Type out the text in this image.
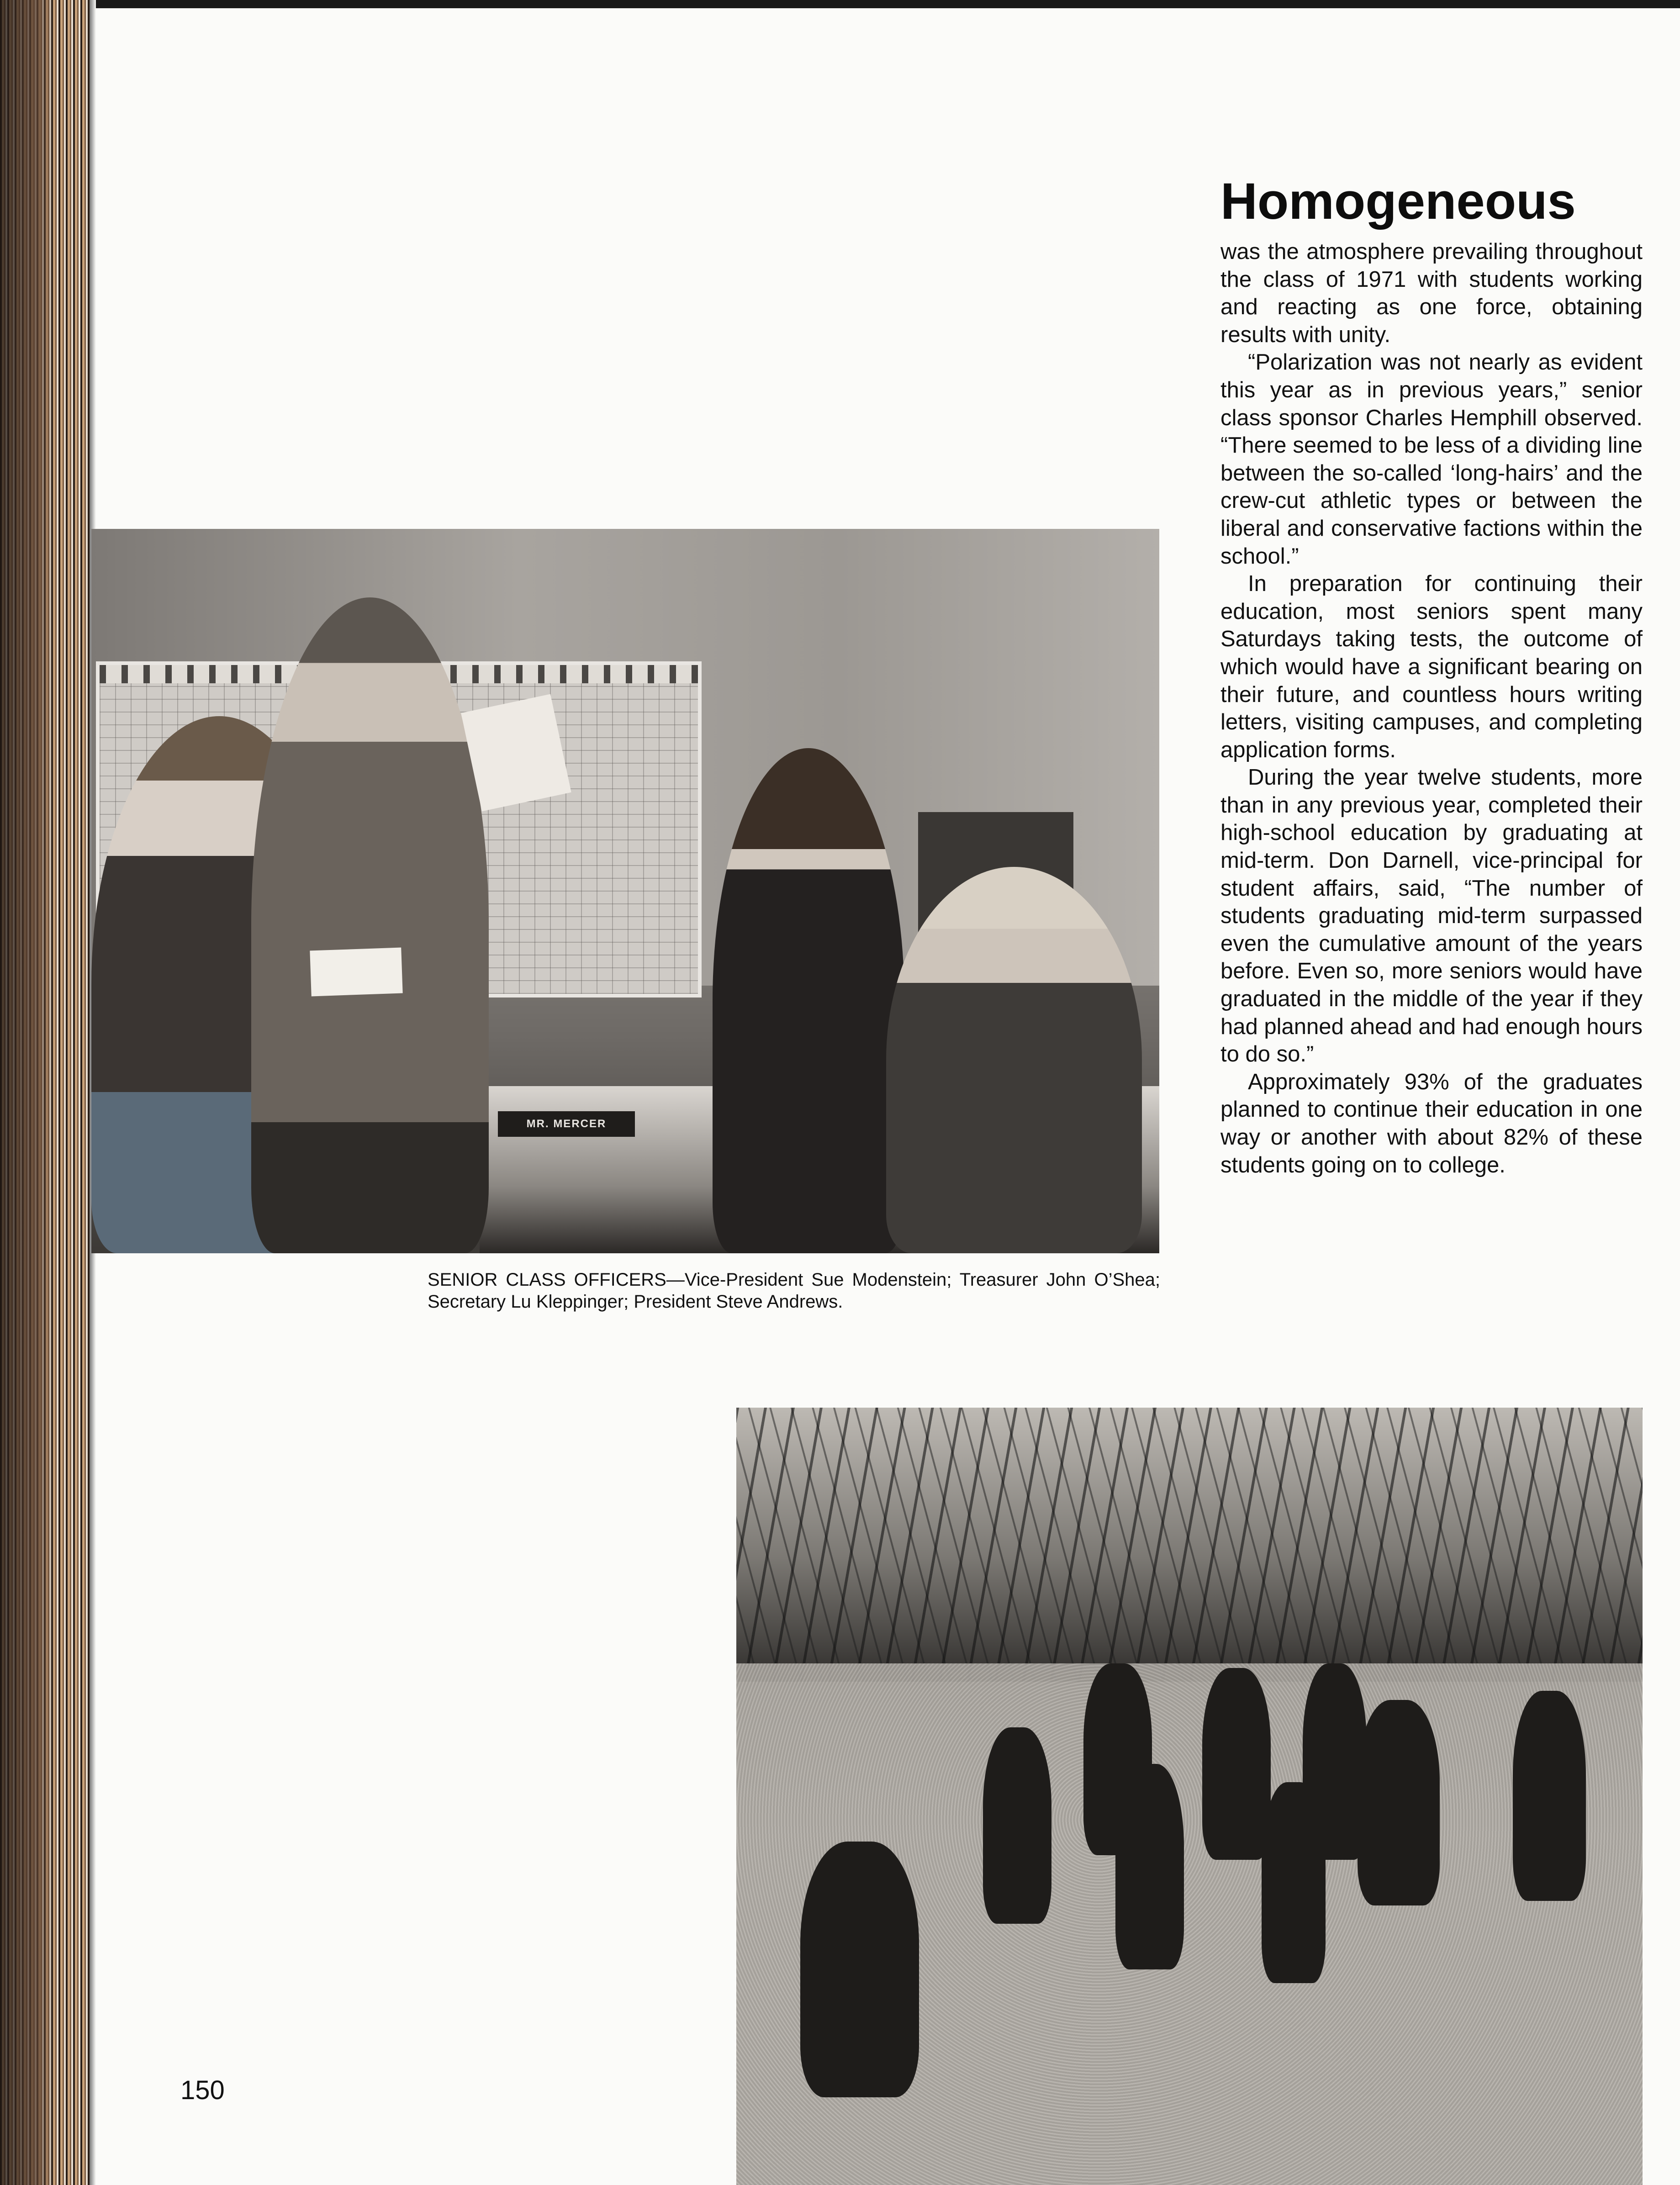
MR. MERCER

SENIOR CLASS OFFICERS—Vice-President Sue Modenstein; Treasurer John O’Shea; Secretary Lu Kleppinger; President Steve Andrews.

Homogeneous

was the atmosphere prevailing throughout the class of 1971 with students working and reacting as one force, obtaining results with unity.

“Polarization was not nearly as evident this year as in previous years,” senior class sponsor Charles Hemphill observed. “There seemed to be less of a dividing line between the so-called ‘long-hairs’ and the crew-cut athletic types or between the liberal and conservative factions within the school.”

In preparation for continuing their education, most seniors spent many Saturdays taking tests, the outcome of which would have a significant bearing on their future, and countless hours writing letters, visiting campuses, and completing application forms.

During the year twelve students, more than in any previous year, completed their high-school education by graduating at mid-term. Don Darnell, vice-principal for student affairs, said, “The number of students graduating mid-term surpassed even the cumulative amount of the years before. Even so, more seniors would have graduated in the middle of the year if they had planned ahead and had enough hours to do so.”

Approximately 93% of the graduates planned to continue their education in one way or another with about 82% of these students going on to college.

150
